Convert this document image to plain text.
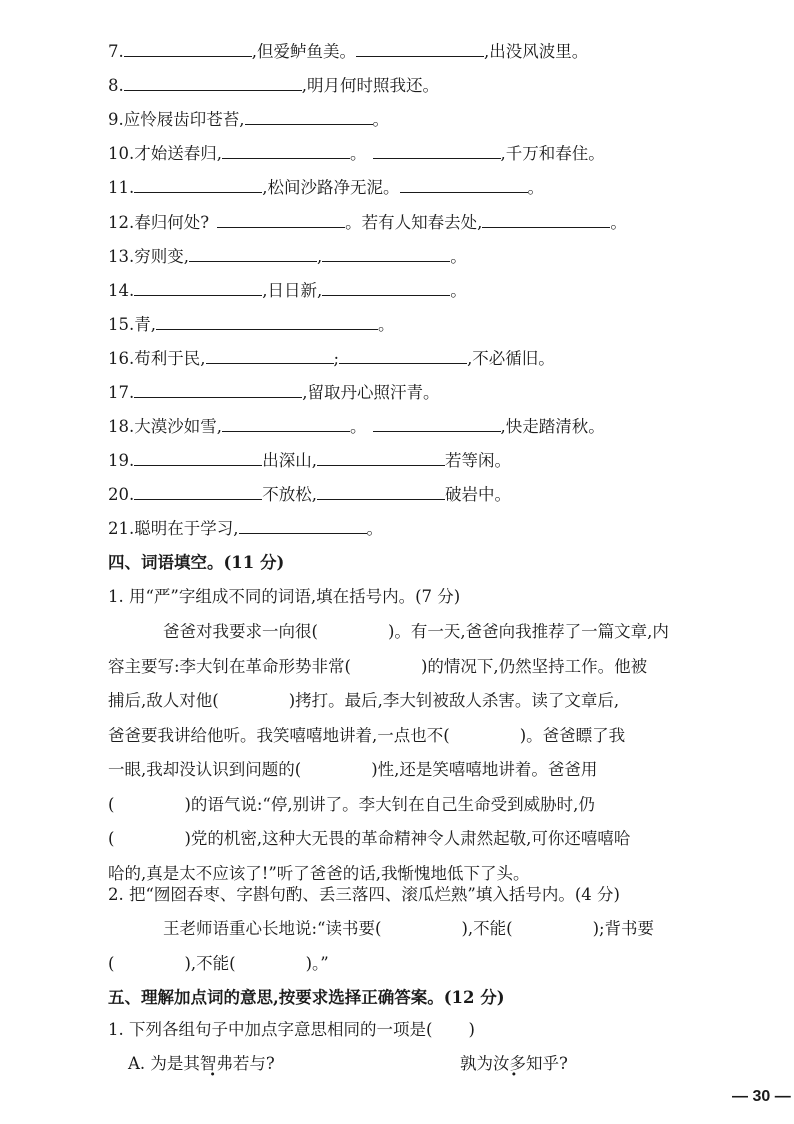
7.	,但爱鲈鱼美。	,出没风波里。
8.	,明月何时照我还。
9.应怜屐齿印苍苔,	。
10.才始送春归,	。	,千万和春住。
11.	,松间沙路净无泥。	。
12.春归何处?	。若有人知春去处,	。
13.穷则变,	,	。
14.	,日日新,	。
15.青,	。
16.苟利于民,	;	,不必循旧。
17.	,留取丹心照汗青。
18.大漠沙如雪,	。	,快走踏清秋。
19.	出深山,	若等闲。
20.	不放松,	破岩中。
21.聪明在于学习,	。
四、词语填空。(11 分)
1. 用“严”字组成不同的词语,填在括号内。(7 分)
爸爸对我要求一向很(	)。有一天,爸爸向我推荐了一篇文章,内
容主要写:李大钊在革命形势非常(	)的情况下,仍然坚持工作。他被
捕后,敌人对他(	)拷打。最后,李大钊被敌人杀害。读了文章后,
爸爸要我讲给他听。我笑嘻嘻地讲着,一点也不(	)。爸爸瞟了我
一眼,我却没认识到问题的(	)性,还是笑嘻嘻地讲着。爸爸用
(	)的语气说:“停,别讲了。李大钊在自己生命受到威胁时,仍
(	)党的机密,这种大无畏的革命精神令人肃然起敬,可你还嘻嘻哈
哈的,真是太不应该了!”听了爸爸的话,我惭愧地低下了头。
2. 把“囫囵吞枣、字斟句酌、丢三落四、滚瓜烂熟”填入括号内。(4 分)
王老师语重心长地说:“读书要(	),不能(	);背书要
(	),不能(	)。”
五、理解加点词的意思,按要求选择正确答案。(12 分)
1. 下列各组句子中加点字意思相同的一项是( )
A. 为是其智弗若与? ·	孰为汝多知乎? ·
— 30 —
